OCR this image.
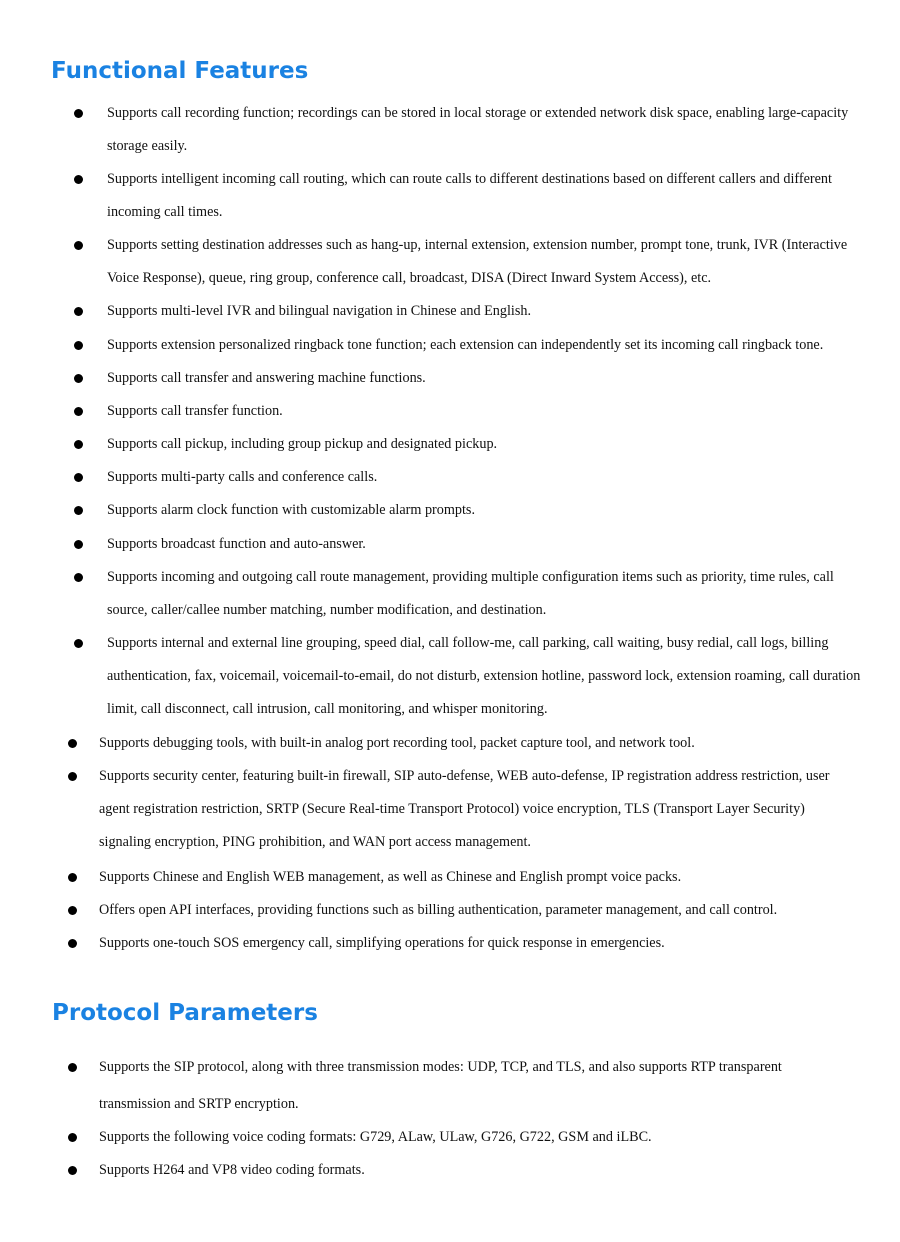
Functional Features
Supports call recording function; recordings can be stored in local storage or extended network disk space, enabling large-capacity storage easily.
Supports intelligent incoming call routing, which can route calls to different destinations based on different callers and different incoming call times.
Supports setting destination addresses such as hang-up, internal extension, extension number, prompt tone, trunk, IVR (Interactive Voice Response), queue, ring group, conference call, broadcast, DISA (Direct Inward System Access), etc.
Supports multi-level IVR and bilingual navigation in Chinese and English.
Supports extension personalized ringback tone function; each extension can independently set its incoming call ringback tone.
Supports call transfer and answering machine functions.
Supports call transfer function.
Supports call pickup, including group pickup and designated pickup.
Supports multi-party calls and conference calls.
Supports alarm clock function with customizable alarm prompts.
Supports broadcast function and auto-answer.
Supports incoming and outgoing call route management, providing multiple configuration items such as priority, time rules, call source, caller/callee number matching, number modification, and destination.
Supports internal and external line grouping, speed dial, call follow-me, call parking, call waiting, busy redial, call logs, billing authentication, fax, voicemail, voicemail-to-email, do not disturb, extension hotline, password lock, extension roaming, call duration limit, call disconnect, call intrusion, call monitoring, and whisper monitoring.
Supports debugging tools, with built-in analog port recording tool, packet capture tool, and network tool.
Supports security center, featuring built-in firewall, SIP auto-defense, WEB auto-defense, IP registration address restriction, user agent registration restriction, SRTP (Secure Real-time Transport Protocol) voice encryption, TLS (Transport Layer Security) signaling encryption, PING prohibition, and WAN port access management.
Supports Chinese and English WEB management, as well as Chinese and English prompt voice packs.
Offers open API interfaces, providing functions such as billing authentication, parameter management, and call control.
Supports one-touch SOS emergency call, simplifying operations for quick response in emergencies.
Protocol Parameters
Supports the SIP protocol, along with three transmission modes: UDP, TCP, and TLS, and also supports RTP transparent transmission and SRTP encryption.
Supports the following voice coding formats: G729, ALaw, ULaw, G726, G722, GSM and iLBC.
Supports H264 and VP8 video coding formats.
